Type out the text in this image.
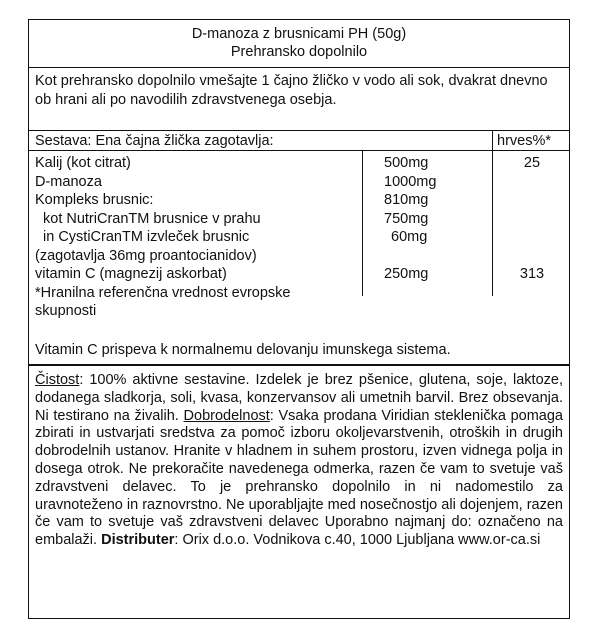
D-manoza z brusnicami PH (50g)
Prehransko dopolnilo
Kot prehransko dopolnilo vmešajte 1 čajno žličko v vodo ali sok, dvakrat dnevno ob hrani ali po navodilih zdravstvenega osebja.
Sestava: Ena čajna žlička zagotavlja:	hrves%*
Kalij (kot citrat)	500mg	25
D-manoza	1000mg
Kompleks brusnic:	810mg
kot NutriCranTM brusnice v prahu	750mg
in CystiCranTM izvleček brusnic	60mg
(zagotavlja 36mg proantocianidov)
vitamin C (magnezij askorbat)	250mg	313
*Hranilna referenčna vrednost evropske
skupnosti
Vitamin C prispeva k normalnemu delovanju imunskega sistema.
Čistost: 100% aktivne sestavine. Izdelek je brez pšenice, glutena, soje, laktoze, dodanega sladkorja, soli, kvasa, konzervansov ali umetnih barvil. Brez obsevanja. Ni testirano na živalih. Dobrodelnost: Vsaka prodana Viridian steklenička pomaga zbirati in ustvarjati sredstva za pomoč izboru okoljevarstvenih, otroških in drugih dobrodelnih ustanov. Hranite v hladnem in suhem prostoru, izven vidnega polja in dosega otrok. Ne prekoračite navedenega odmerka, razen če vam to svetuje vaš zdravstveni delavec. To je prehransko dopolnilo in ni nadomestilo za uravnoteženo in raznovrstno. Ne uporabljajte med nosečnostjo ali dojenjem, razen če vam to svetuje vaš zdravstveni delavec Uporabno najmanj do: označeno na embalaži. Distributer: Orix d.o.o. Vodnikova c.40, 1000 Ljubljana www.or-ca.si
